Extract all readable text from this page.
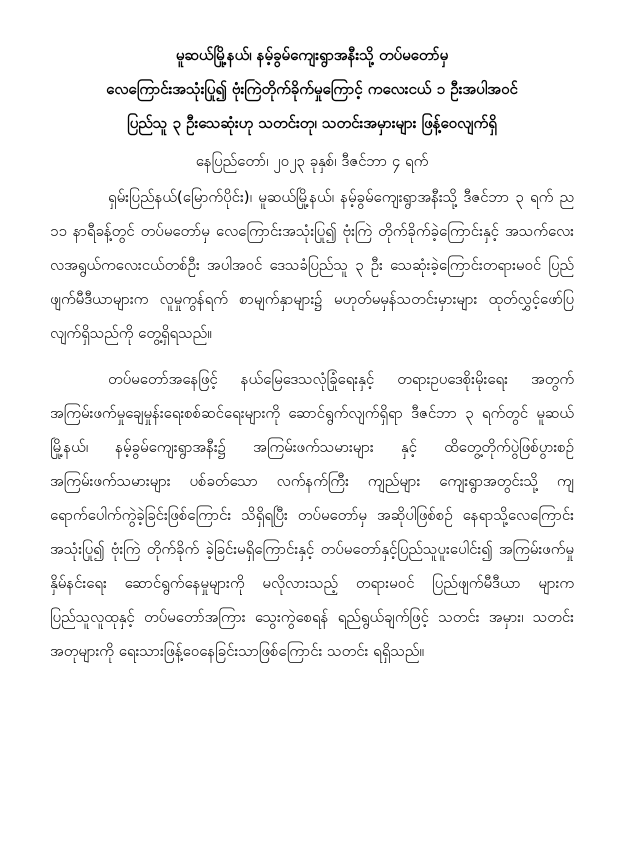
မူဆယ်မြို့နယ်၊ နမ့်ခွမ်ကျေးရွာအနီးသို့ တပ်မတော်မှ
လေကြောင်းအသုံးပြု၍ ဗုံးကြဲတိုက်ခိုက်မှုကြောင့် ကလေးငယ် ၁ ဦးအပါအဝင်
ပြည်သူ ၃ ဦးသေဆုံးဟု သတင်းတု၊ သတင်းအမှားများ ဖြန့်ဝေလျက်ရှိ
နေပြည်တော်၊ ၂၀၂၃ ခုနှစ်၊ ဒီဇင်ဘာ ၄ ရက်

ရှမ်းပြည်နယ်(မြောက်ပိုင်း)၊ မူဆယ်မြို့နယ်၊ နမ့်ခွမ်ကျေးရွာအနီးသို့ ဒီဇင်ဘာ ၃ ရက် ည ၁၁ နာရီခန့်တွင် တပ်မတော်မှ လေကြောင်းအသုံးပြု၍ ဗုံးကြဲ တိုက်ခိုက်ခဲ့ကြောင်းနှင့် အသက်လေးလအရွယ်ကလေးငယ်တစ်ဦး အပါအဝင် ဒေသခံပြည်သူ ၃ ဦး သေဆုံးခဲ့ကြောင်းတရားမဝင် ပြည်ဖျက်မီဒီယာများက လူမှုကွန်ရက် စာမျက်နှာများ၌ မဟုတ်မမှန်သတင်းမှားများ ထုတ်လွှင့်ဖော်ပြ လျက်ရှိသည်ကို တွေ့ရှိရသည်။

တပ်မတော်အနေဖြင့် နယ်မြေဒေသလုံခြုံရေးနှင့် တရားဥပဒေစိုးမိုးရေး အတွက် အကြမ်းဖက်မှုချေမှုန်းရေးစစ်ဆင်ရေးများကို ဆောင်ရွက်လျက်ရှိရာ ဒီဇင်ဘာ ၃ ရက်တွင် မူဆယ်မြို့နယ်၊ နမ့်ခွမ်ကျေးရွာအနီး၌ အကြမ်းဖက်သမားများ နှင့် ထိတွေ့တိုက်ပွဲဖြစ်ပွားစဉ် အကြမ်းဖက်သမားများ ပစ်ခတ်သော လက်နက်ကြီး ကျည်များ ကျေးရွာအတွင်းသို့ ကျရောက်ပေါက်ကွဲခဲ့ခြင်းဖြစ်ကြောင်း သိရှိရပြီး တပ်မတော်မှ အဆိုပါဖြစ်စဉ် နေရာသို့လေကြောင်းအသုံးပြု၍ ဗုံးကြဲ တိုက်ခိုက် ခဲ့ခြင်းမရှိကြောင်းနှင့် တပ်မတော်နှင့်ပြည်သူပူးပေါင်း၍ အကြမ်းဖက်မှု နှိမ်နင်းရေး ဆောင်ရွက်နေမှုများကို မလိုလားသည့် တရားမဝင် ပြည်ဖျက်မီဒီယာ များက ပြည်သူလူထုနှင့် တပ်မတော်အကြား သွေးကွဲစေရန် ရည်ရွယ်ချက်ဖြင့် သတင်း အမှား၊ သတင်းအတုများကို ရေးသားဖြန့်ဝေနေခြင်းသာဖြစ်ကြောင်း သတင်း ရရှိသည်။
